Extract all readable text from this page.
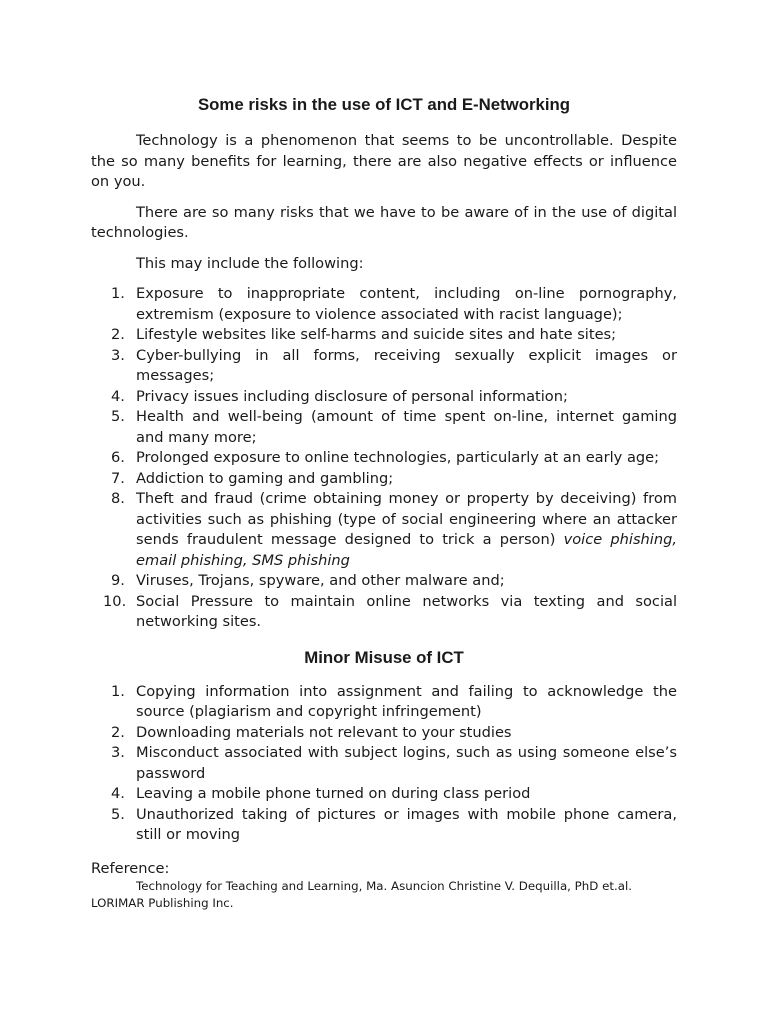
Some risks in the use of ICT and E-Networking

Technology is a phenomenon that seems to be uncontrollable. Despite the so many benefits for learning, there are also negative effects or influence on you.

There are so many risks that we have to be aware of in the use of digital technologies.

This may include the following:

1. Exposure to inappropriate content, including on-line pornography, extremism (exposure to violence associated with racist language);
2. Lifestyle websites like self-harms and suicide sites and hate sites;
3. Cyber-bullying in all forms, receiving sexually explicit images or messages;
4. Privacy issues including disclosure of personal information;
5. Health and well-being (amount of time spent on-line, internet gaming and many more;
6. Prolonged exposure to online technologies, particularly at an early age;
7. Addiction to gaming and gambling;
8. Theft and fraud (crime obtaining money or property by deceiving) from activities such as phishing (type of social engineering where an attacker sends fraudulent message designed to trick a person) voice phishing, email phishing, SMS phishing
9. Viruses, Trojans, spyware, and other malware and;
10. Social Pressure to maintain online networks via texting and social networking sites.
Minor Misuse of ICT
1. Copying information into assignment and failing to acknowledge the source (plagiarism and copyright infringement)
2. Downloading materials not relevant to your studies
3. Misconduct associated with subject logins, such as using someone else’s password
4. Leaving a mobile phone turned on during class period
5. Unauthorized taking of pictures or images with mobile phone camera, still or moving
Reference:
Technology for Teaching and Learning, Ma. Asuncion Christine V. Dequilla, PhD et.al.
LORIMAR Publishing Inc.
